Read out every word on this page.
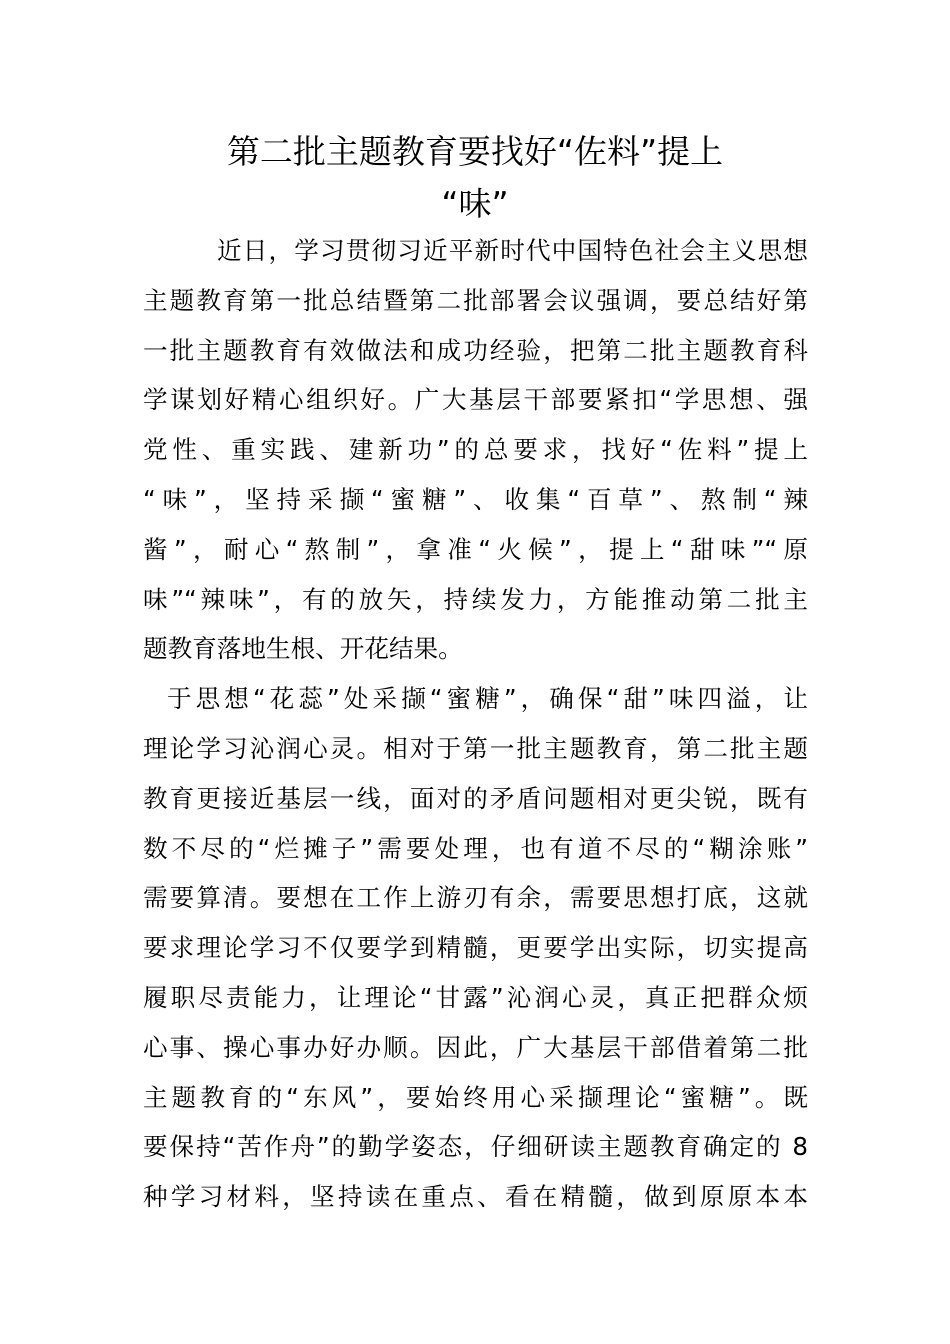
第二批主题教育要找好“佐料”提上
“味”
近日，学习贯彻习近平新时代中国特色社会主义思想
主题教育第一批总结暨第二批部署会议强调，要总结好第
一批主题教育有效做法和成功经验，把第二批主题教育科
学谋划好精心组织好。广大基层干部要紧扣“学思想、强
党性、重实践、建新功”的总要求，找好“佐料”提上
“味”，坚持采撷“蜜糖”、收集“百草”、熬制“辣
酱”，耐心“熬制”，拿准“火候”，提上“甜味”“原
味”“辣味”，有的放矢，持续发力，方能推动第二批主
题教育落地生根、开花结果。
于思想“花蕊”处采撷“蜜糖”，确保“甜”味四溢，让
理论学习沁润心灵。相对于第一批主题教育，第二批主题
教育更接近基层一线，面对的矛盾问题相对更尖锐，既有
数不尽的“烂摊子”需要处理，也有道不尽的“糊涂账”
需要算清。要想在工作上游刃有余，需要思想打底，这就
要求理论学习不仅要学到精髓，更要学出实际，切实提高
履职尽责能力，让理论“甘露”沁润心灵，真正把群众烦
心事、操心事办好办顺。因此，广大基层干部借着第二批
主题教育的“东风”，要始终用心采撷理论“蜜糖”。既
要保持“苦作舟”的勤学姿态，仔细研读主题教育确定的 8
种学习材料，坚持读在重点、看在精髓，做到原原本本
